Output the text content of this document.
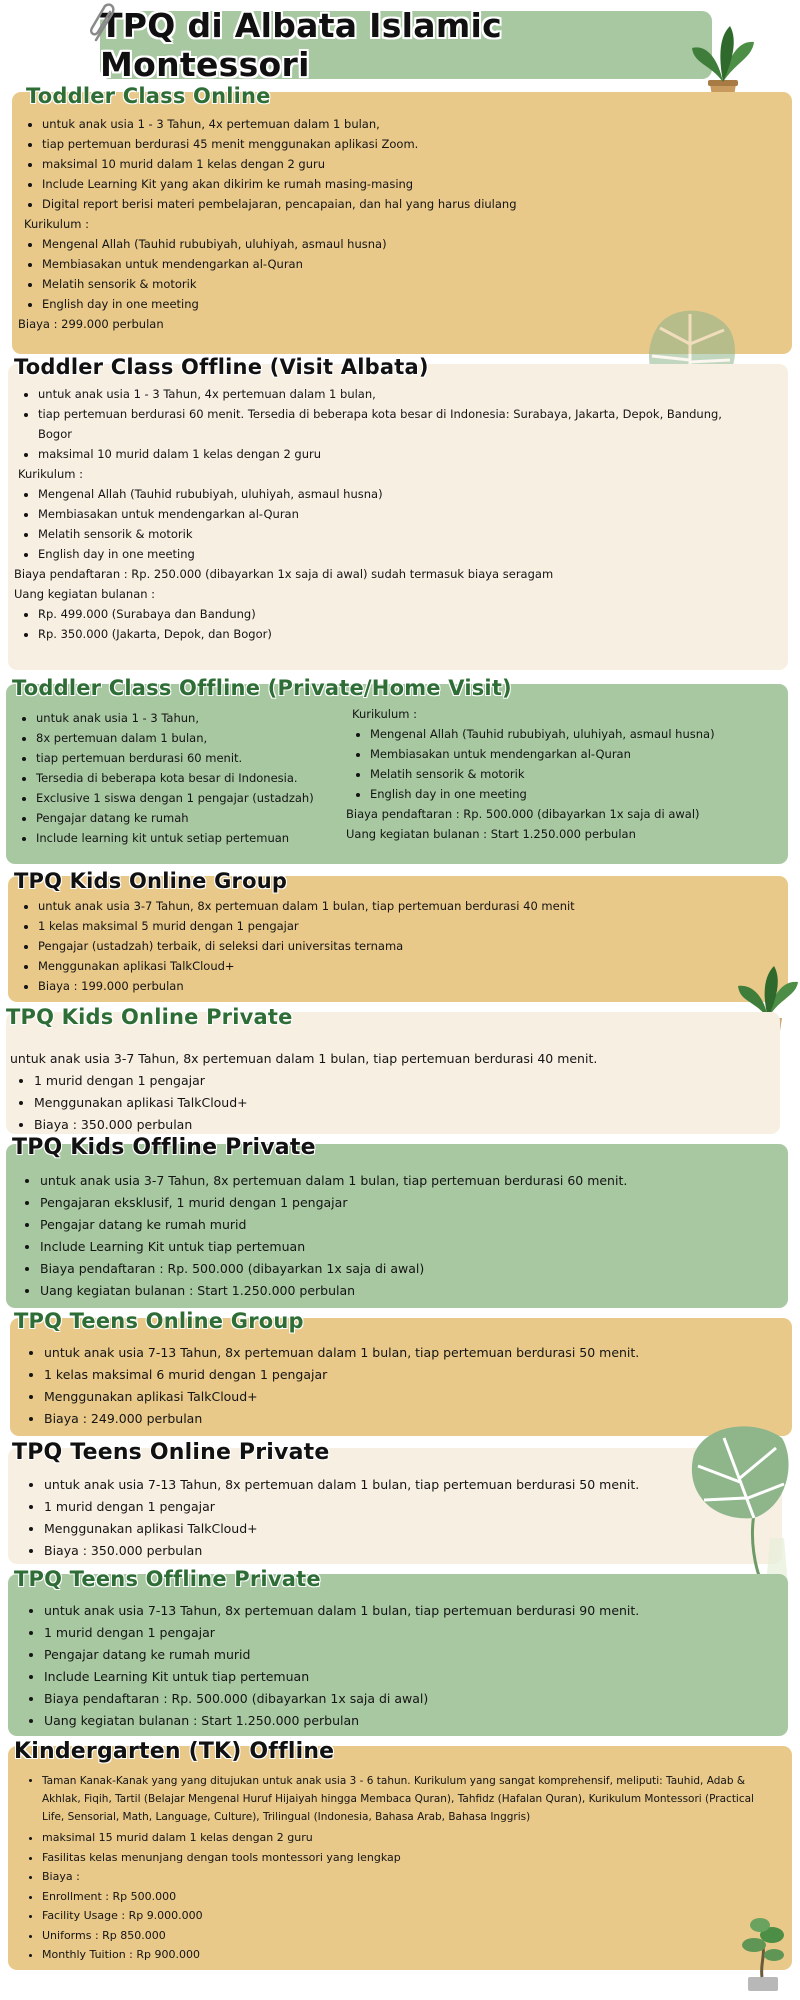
TPQ di Albata Islamic Montessori
Toddler Class Online
• untuk anak usia 1 - 3 Tahun, 4x pertemuan dalam 1 bulan,
• tiap pertemuan berdurasi 45 menit menggunakan aplikasi Zoom.
• maksimal 10 murid dalam 1 kelas dengan 2 guru
• Include Learning Kit yang akan dikirim ke rumah masing-masing
• Digital report berisi materi pembelajaran, pencapaian, dan hal yang harus diulang
Kurikulum :
• Mengenal Allah (Tauhid rububiyah, uluhiyah, asmaul husna)
• Membiasakan untuk mendengarkan al-Quran
• Melatih sensorik & motorik
• English day in one meeting
Biaya : 299.000 perbulan
Toddler Class Offline (Visit Albata)
• untuk anak usia 1 - 3 Tahun, 4x pertemuan dalam 1 bulan,
• tiap pertemuan berdurasi 60 menit. Tersedia di beberapa kota besar di Indonesia: Surabaya, Jakarta, Depok, Bandung, Bogor
• maksimal 10 murid dalam 1 kelas dengan 2 guru
Kurikulum :
• Mengenal Allah (Tauhid rububiyah, uluhiyah, asmaul husna)
• Membiasakan untuk mendengarkan al-Quran
• Melatih sensorik & motorik
• English day in one meeting
Biaya pendaftaran : Rp. 250.000 (dibayarkan 1x saja di awal) sudah termasuk biaya seragam
Uang kegiatan bulanan :
• Rp. 499.000 (Surabaya dan Bandung)
• Rp. 350.000 (Jakarta, Depok, dan Bogor)
Toddler Class Offline (Private/Home Visit)
• untuk anak usia 1 - 3 Tahun,
• 8x pertemuan dalam 1 bulan,
• tiap pertemuan berdurasi 60 menit.
• Tersedia di beberapa kota besar di Indonesia.
• Exclusive 1 siswa dengan 1 pengajar (ustadzah)
• Pengajar datang ke rumah
• Include learning kit untuk setiap pertemuan
Kurikulum :
• Mengenal Allah (Tauhid rububiyah, uluhiyah, asmaul husna)
• Membiasakan untuk mendengarkan al-Quran
• Melatih sensorik & motorik
• English day in one meeting
Biaya pendaftaran : Rp. 500.000 (dibayarkan 1x saja di awal)
Uang kegiatan bulanan : Start 1.250.000 perbulan
TPQ Kids Online Group
• untuk anak usia 3-7 Tahun, 8x pertemuan dalam 1 bulan, tiap pertemuan berdurasi 40 menit
• 1 kelas maksimal 5 murid dengan 1 pengajar
• Pengajar (ustadzah) terbaik, di seleksi dari universitas ternama
• Menggunakan aplikasi TalkCloud+
• Biaya : 199.000 perbulan
TPQ Kids Online Private
untuk anak usia 3-7 Tahun, 8x pertemuan dalam 1 bulan, tiap pertemuan berdurasi 40 menit.
• 1 murid dengan 1 pengajar
• Menggunakan aplikasi TalkCloud+
• Biaya : 350.000 perbulan
TPQ Kids Offline Private
• untuk anak usia 3-7 Tahun, 8x pertemuan dalam 1 bulan, tiap pertemuan berdurasi 60 menit.
• Pengajaran eksklusif, 1 murid dengan 1 pengajar
• Pengajar datang ke rumah murid
• Include Learning Kit untuk tiap pertemuan
• Biaya pendaftaran : Rp. 500.000 (dibayarkan 1x saja di awal)
• Uang kegiatan bulanan : Start 1.250.000 perbulan
TPQ Teens Online Group
• untuk anak usia 7-13 Tahun, 8x pertemuan dalam 1 bulan, tiap pertemuan berdurasi 50 menit.
• 1 kelas maksimal 6 murid dengan 1 pengajar
• Menggunakan aplikasi TalkCloud+
• Biaya : 249.000 perbulan
TPQ Teens Online Private
• untuk anak usia 7-13 Tahun, 8x pertemuan dalam 1 bulan, tiap pertemuan berdurasi 50 menit.
• 1 murid dengan 1 pengajar
• Menggunakan aplikasi TalkCloud+
• Biaya : 350.000 perbulan
TPQ Teens Offline Private
• untuk anak usia 7-13 Tahun, 8x pertemuan dalam 1 bulan, tiap pertemuan berdurasi 90 menit.
• 1 murid dengan 1 pengajar
• Pengajar datang ke rumah murid
• Include Learning Kit untuk tiap pertemuan
• Biaya pendaftaran : Rp. 500.000 (dibayarkan 1x saja di awal)
• Uang kegiatan bulanan : Start 1.250.000 perbulan
Kindergarten (TK) Offline
• Taman Kanak-Kanak yang yang ditujukan untuk anak usia 3 - 6 tahun. Kurikulum yang sangat komprehensif, meliputi: Tauhid, Adab & Akhlak, Fiqih, Tartil (Belajar Mengenal Huruf Hijaiyah hingga Membaca Quran), Tahfidz (Hafalan Quran), Kurikulum Montessori (Practical Life, Sensorial, Math, Language, Culture), Trilingual (Indonesia, Bahasa Arab, Bahasa Inggris)
• maksimal 15 murid dalam 1 kelas dengan 2 guru
• Fasilitas kelas menunjang dengan tools montessori yang lengkap
• Biaya :
• Enrollment : Rp 500.000
• Facility Usage : Rp 9.000.000
• Uniforms : Rp 850.000
• Monthly Tuition : Rp 900.000
